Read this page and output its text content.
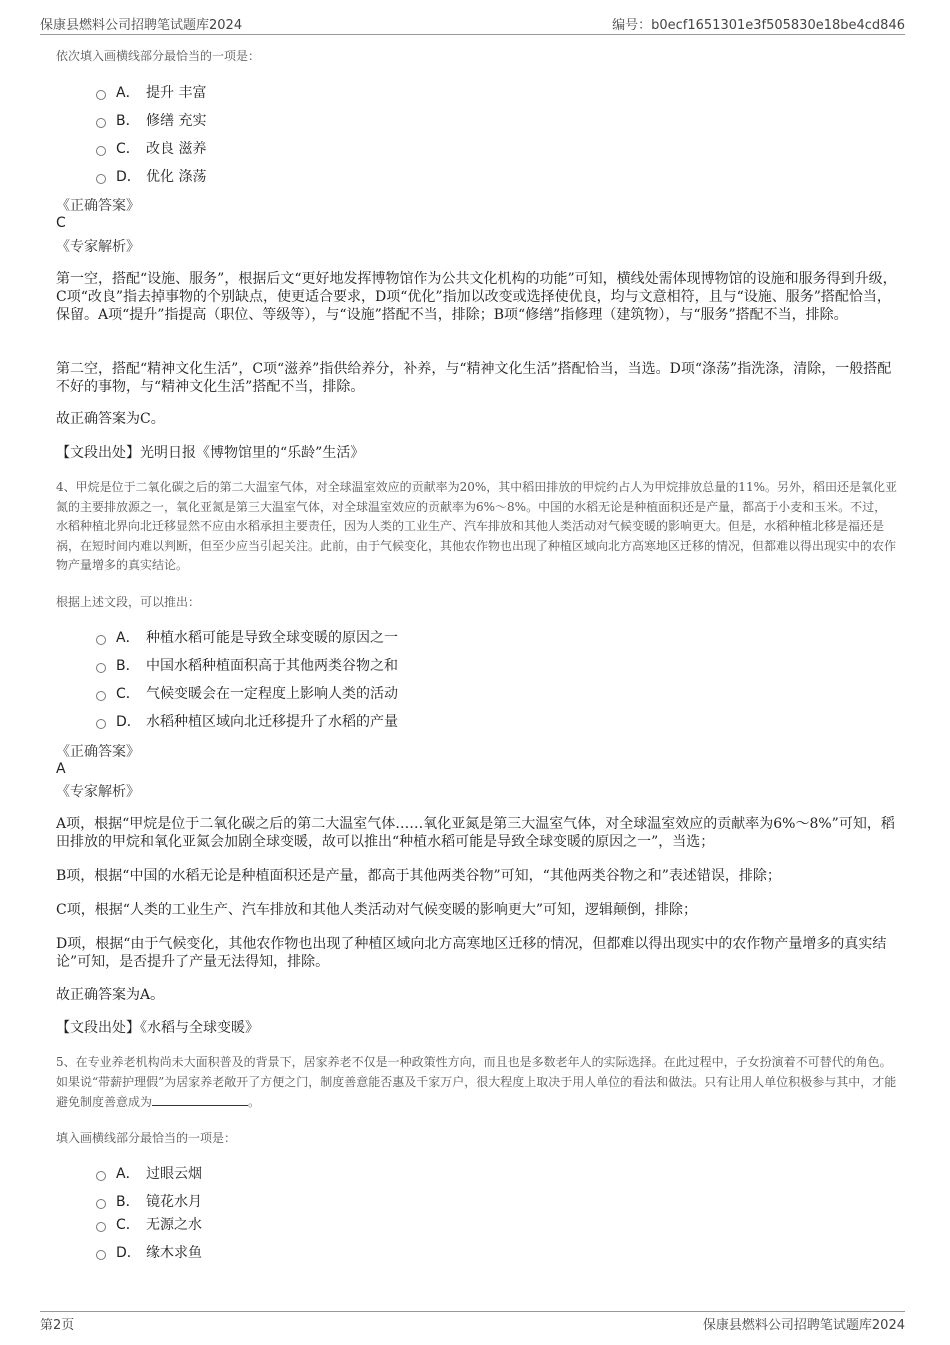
保康县燃料公司招聘笔试题库2024	编号：b0ecf1651301e3f505830e18be4cd846
依次填入画横线部分最恰当的一项是：
A． 提升 丰富
B． 修缮 充实
C． 改良 滋养
D． 优化 涤荡
《正确答案》
C
《专家解析》
第一空，搭配“设施、服务”，根据后文“更好地发挥博物馆作为公共文化机构的功能”可知，横线处需体现博物馆的设施和服务得到升级，C项“改良”指去掉事物的个别缺点，使更适合要求，D项“优化”指加以改变或选择使优良，均与文意相符，且与“设施、服务”搭配恰当，保留。A项“提升”指提高（职位、等级等），与“设施”搭配不当，排除；B项“修缮”指修理（建筑物），与“服务”搭配不当，排除。
第二空，搭配“精神文化生活”，C项“滋养”指供给养分，补养，与“精神文化生活”搭配恰当，当选。D项“涤荡”指洗涤，清除，一般搭配不好的事物，与“精神文化生活”搭配不当，排除。
故正确答案为C。
【文段出处】光明日报《博物馆里的“乐龄”生活》
4、甲烷是位于二氧化碳之后的第二大温室气体，对全球温室效应的贡献率为20%，其中稻田排放的甲烷约占人为甲烷排放总量的11%。另外，稻田还是氧化亚氮的主要排放源之一，氧化亚氮是第三大温室气体，对全球温室效应的贡献率为6%～8%。中国的水稻无论是种植面积还是产量，都高于小麦和玉米。不过，水稻种植北界向北迁移显然不应由水稻承担主要责任，因为人类的工业生产、汽车排放和其他人类活动对气候变暖的影响更大。但是，水稻种植北移是福还是祸，在短时间内难以判断，但至少应当引起关注。此前，由于气候变化，其他农作物也出现了种植区域向北方高寒地区迁移的情况，但都难以得出现实中的农作物产量增多的真实结论。
根据上述文段，可以推出：
A． 种植水稻可能是导致全球变暖的原因之一
B． 中国水稻种植面积高于其他两类谷物之和
C． 气候变暖会在一定程度上影响人类的活动
D． 水稻种植区域向北迁移提升了水稻的产量
《正确答案》
A
《专家解析》
A项，根据“甲烷是位于二氧化碳之后的第二大温室气体……氧化亚氮是第三大温室气体，对全球温室效应的贡献率为6%～8%”可知，稻田排放的甲烷和氧化亚氮会加剧全球变暖，故可以推出“种植水稻可能是导致全球变暖的原因之一”，当选；
B项，根据“中国的水稻无论是种植面积还是产量，都高于其他两类谷物”可知，“其他两类谷物之和”表述错误，排除；
C项，根据“人类的工业生产、汽车排放和其他人类活动对气候变暖的影响更大”可知，逻辑颠倒，排除；
D项，根据“由于气候变化，其他农作物也出现了种植区域向北方高寒地区迁移的情况，但都难以得出现实中的农作物产量增多的真实结论”可知，是否提升了产量无法得知，排除。
故正确答案为A。
【文段出处】《水稻与全球变暖》
5、在专业养老机构尚未大面积普及的背景下，居家养老不仅是一种政策性方向，而且也是多数老年人的实际选择。在此过程中，子女扮演着不可替代的角色。如果说“带薪护理假”为居家养老敞开了方便之门，制度善意能否惠及千家万户，很大程度上取决于用人单位的看法和做法。只有让用人单位积极参与其中，才能避免制度善意成为	。
填入画横线部分最恰当的一项是：
A． 过眼云烟
B． 镜花水月
C． 无源之水
D． 缘木求鱼
第2页	保康县燃料公司招聘笔试题库2024
